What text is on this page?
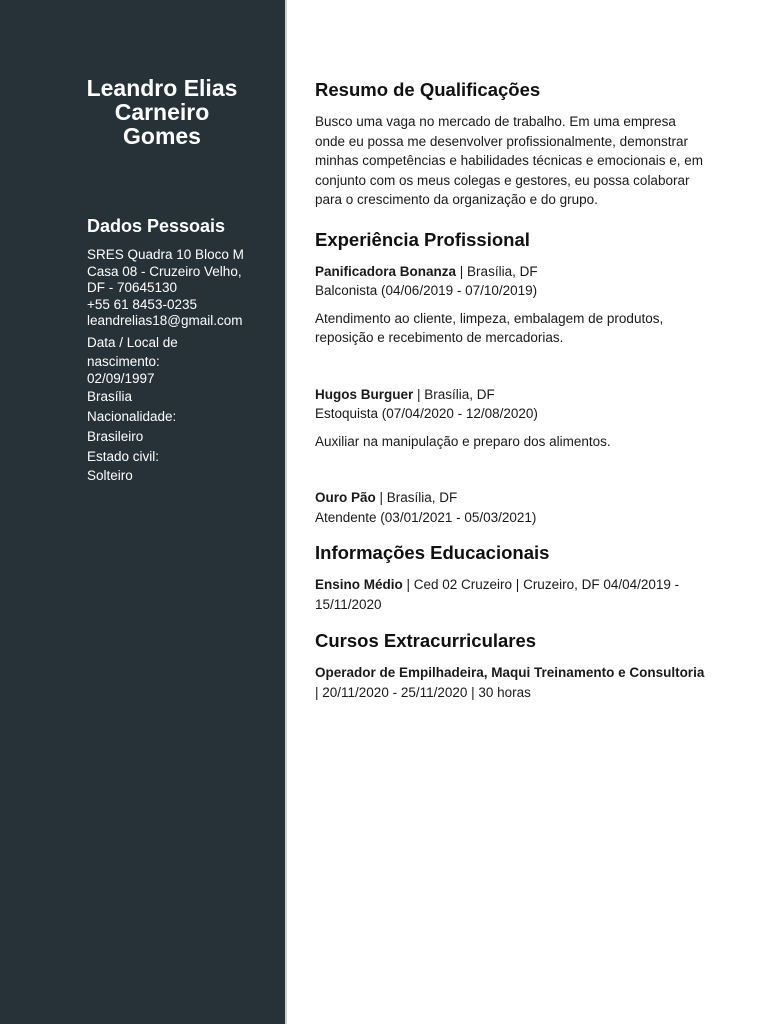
Leandro Elias
Carneiro
Gomes
Dados Pessoais
SRES Quadra 10 Bloco M
Casa 08 - Cruzeiro Velho,
DF - 70645130
+55 61 8453-0235
leandrelias18@gmail.com
Data / Local de
nascimento:
02/09/1997
Brasília
Nacionalidade:
Brasileiro
Estado civil:
Solteiro
Resumo de Qualificações

Busco uma vaga no mercado de trabalho. Em uma empresa onde eu possa me desenvolver profissionalmente, demonstrar minhas competências e habilidades técnicas e emocionais e, em conjunto com os meus colegas e gestores, eu possa colaborar para o crescimento da organização e do grupo.

Experiência Profissional
Panificadora Bonanza | Brasília, DF
Balconista (04/06/2019 - 07/10/2019)
Atendimento ao cliente, limpeza, embalagem de produtos, reposição e recebimento de mercadorias.
Hugos Burguer | Brasília, DF
Estoquista (07/04/2020 - 12/08/2020)
Auxiliar na manipulação e preparo dos alimentos.
Ouro Pão | Brasília, DF
Atendente (03/01/2021 - 05/03/2021)
Informações Educacionais

Ensino Médio | Ced 02 Cruzeiro | Cruzeiro, DF 04/04/2019 - 15/11/2020

Cursos Extracurriculares

Operador de Empilhadeira, Maqui Treinamento e Consultoria | 20/11/2020 - 25/11/2020 | 30 horas
